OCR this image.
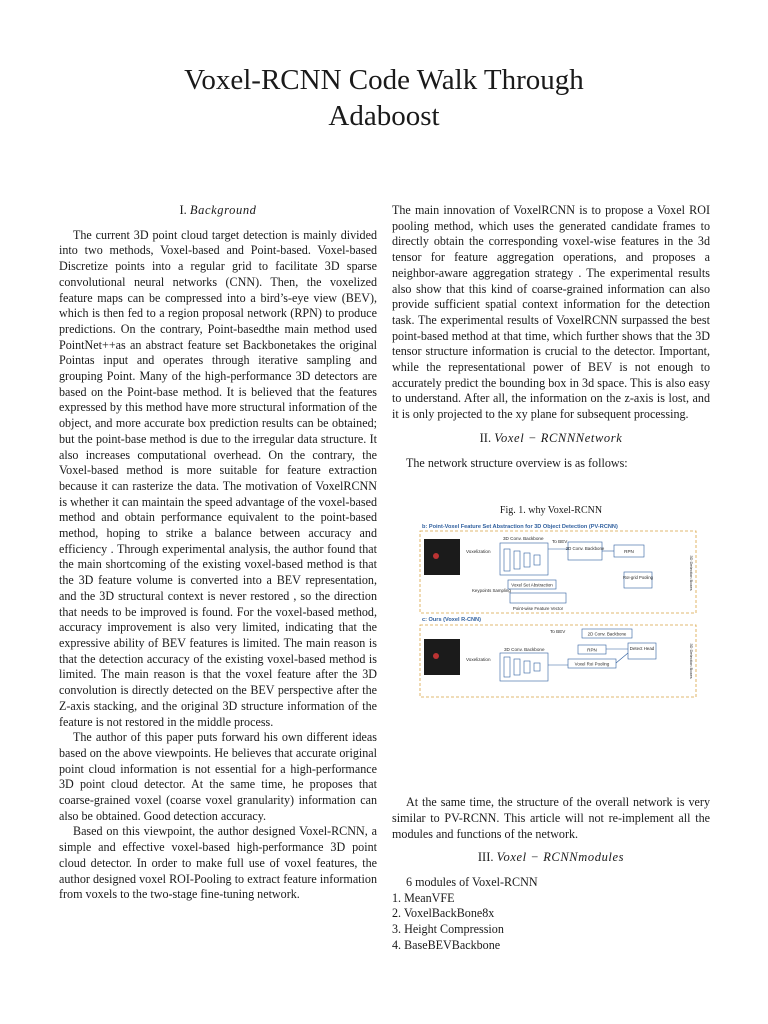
Voxel-RCNN Code Walk Through
Adaboost
I. Background

The current 3D point cloud target detection is mainly divided into two methods, Voxel-based and Point-based. Voxel-based Discretize points into a regular grid to facilitate 3D sparse convolutional neural networks (CNN). Then, the voxelized feature maps can be compressed into a bird’s-eye view (BEV), which is then fed to a region proposal network (RPN) to produce predictions. On the contrary, Point-basedthe main method used PointNet++as an abstract feature set Backbonetakes the original Pointas input and operates through iterative sampling and grouping Point. Many of the high-performance 3D detectors are based on the Point-base method. It is believed that the features expressed by this method have more structural information of the object, and more accurate box prediction results can be obtained; but the point-base method is due to the irregular data structure. It also increases computational overhead. On the contrary, the Voxel-based method is more suitable for feature extraction because it can rasterize the data. The motivation of VoxelRCNN is whether it can maintain the speed advantage of the voxel-based method and obtain performance equivalent to the point-based method, hoping to strike a balance between accuracy and efficiency . Through experimental analysis, the author found that the main shortcoming of the existing voxel-based method is that the 3D feature volume is converted into a BEV representation, and the 3D structural context is never restored , so the direction that needs to be improved is found. For the voxel-based method, accuracy improvement is also very limited, indicating that the expressive ability of BEV features is limited. The main reason is that the detection accuracy of the existing voxel-based method is limited. The main reason is that the voxel feature after the 3D convolution is directly detected on the BEV perspective after the Z-axis stacking, and the original 3D structure information of the feature is not restored in the middle process.

The author of this paper puts forward his own different ideas based on the above viewpoints. He believes that accurate original point cloud information is not essential for a high-performance 3D point cloud detector. At the same time, he proposes that coarse-grained voxel (coarse voxel granularity) information can also be obtained. Good detection accuracy.

Based on this viewpoint, the author designed Voxel-RCNN, a simple and effective voxel-based high-performance 3D point cloud detector. In order to make full use of voxel features, the author designed voxel ROI-Pooling to extract feature information from voxels to the two-stage fine-tuning network.

The main innovation of VoxelRCNN is to propose a Voxel ROI pooling method, which uses the generated candidate frames to directly obtain the corresponding voxel-wise features in the 3d tensor for feature aggregation operations, and proposes a neighbor-aware aggregation strategy . The experimental results also show that this kind of coarse-grained information can also provide sufficient spatial context information for the detection task. The experimental results of VoxelRCNN surpassed the best point-based method at that time, which further shows that the 3D tensor structure information is crucial to the detector. Important, while the representational power of BEV is not enough to accurately predict the bounding box in 3d space. This is also easy to understand. After all, the information on the z-axis is lost, and it is only projected to the xy plane for subsequent processing.

II. Voxel − RCNNNetwork

The network structure overview is as follows:

Fig. 1. why Voxel-RCNN
b: Point-Voxel Feature Set Abstraction for 3D Object Detection (PV-RCNN)
Voxelization
3D Conv. Backbone
To BEV
2D Conv. Backbone
RPN
RoI-grid Pooling
Voxel Set Abstraction
Keypoints Sampling
Point-wise Feature Vector
3D Detection Boxes
c: Ours (Voxel R-CNN)
Voxelization
3D Conv. Backbone
To BEV	2D Conv. Backbone
RPN
Voxel RoI Pooling
Detect Head	3D Detection Boxes

At the same time, the structure of the overall network is very similar to PV-RCNN. This article will not re-implement all the modules and functions of the network.

III. Voxel − RCNNmodules

6 modules of Voxel-RCNN

1. MeanVFE
2. VoxelBackBone8x
3. Height Compression
4. BaseBEVBackbone
